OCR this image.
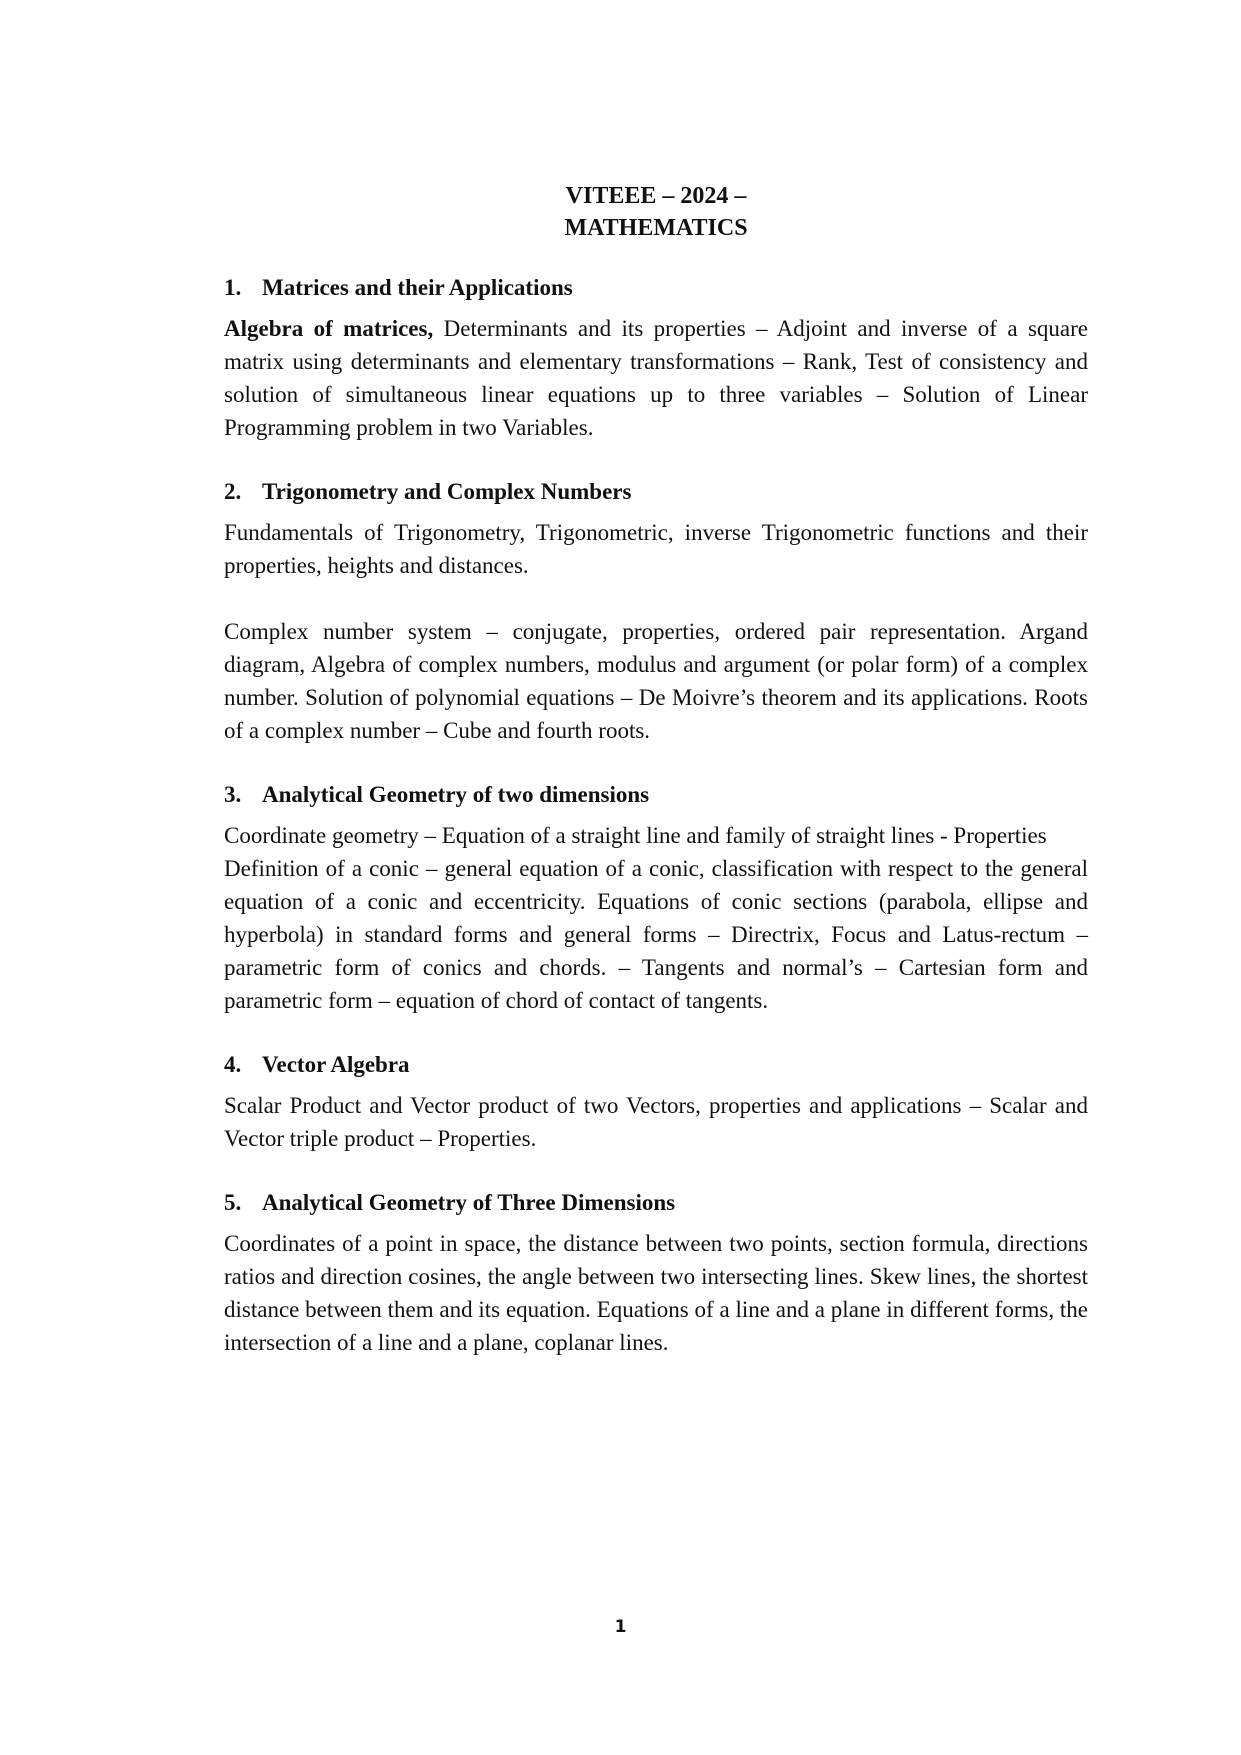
VITEEE – 2024 –
MATHEMATICS
1. Matrices and their Applications

Algebra of matrices, Determinants and its properties – Adjoint and inverse of a square matrix using determinants and elementary transformations – Rank, Test of consistency and solution of simultaneous linear equations up to three variables – Solution of Linear Programming problem in two Variables.

2. Trigonometry and Complex Numbers

Fundamentals of Trigonometry, Trigonometric, inverse Trigonometric functions and their properties, heights and distances.

Complex number system – conjugate, properties, ordered pair representation. Argand diagram, Algebra of complex numbers, modulus and argument (or polar form) of a complex number. Solution of polynomial equations – De Moivre’s theorem and its applications. Roots of a complex number – Cube and fourth roots.

3. Analytical Geometry of two dimensions

Coordinate geometry – Equation of a straight line and family of straight lines - Properties

Definition of a conic – general equation of a conic, classification with respect to the general equation of a conic and eccentricity. Equations of conic sections (parabola, ellipse and hyperbola) in standard forms and general forms – Directrix, Focus and Latus-rectum – parametric form of conics and chords. – Tangents and normal’s – Cartesian form and parametric form – equation of chord of contact of tangents.

4. Vector Algebra

Scalar Product and Vector product of two Vectors, properties and applications – Scalar and Vector triple product – Properties.

5. Analytical Geometry of Three Dimensions

Coordinates of a point in space, the distance between two points, section formula, directions ratios and direction cosines, the angle between two intersecting lines. Skew lines, the shortest distance between them and its equation. Equations of a line and a plane in different forms, the intersection of a line and a plane, coplanar lines.

1
